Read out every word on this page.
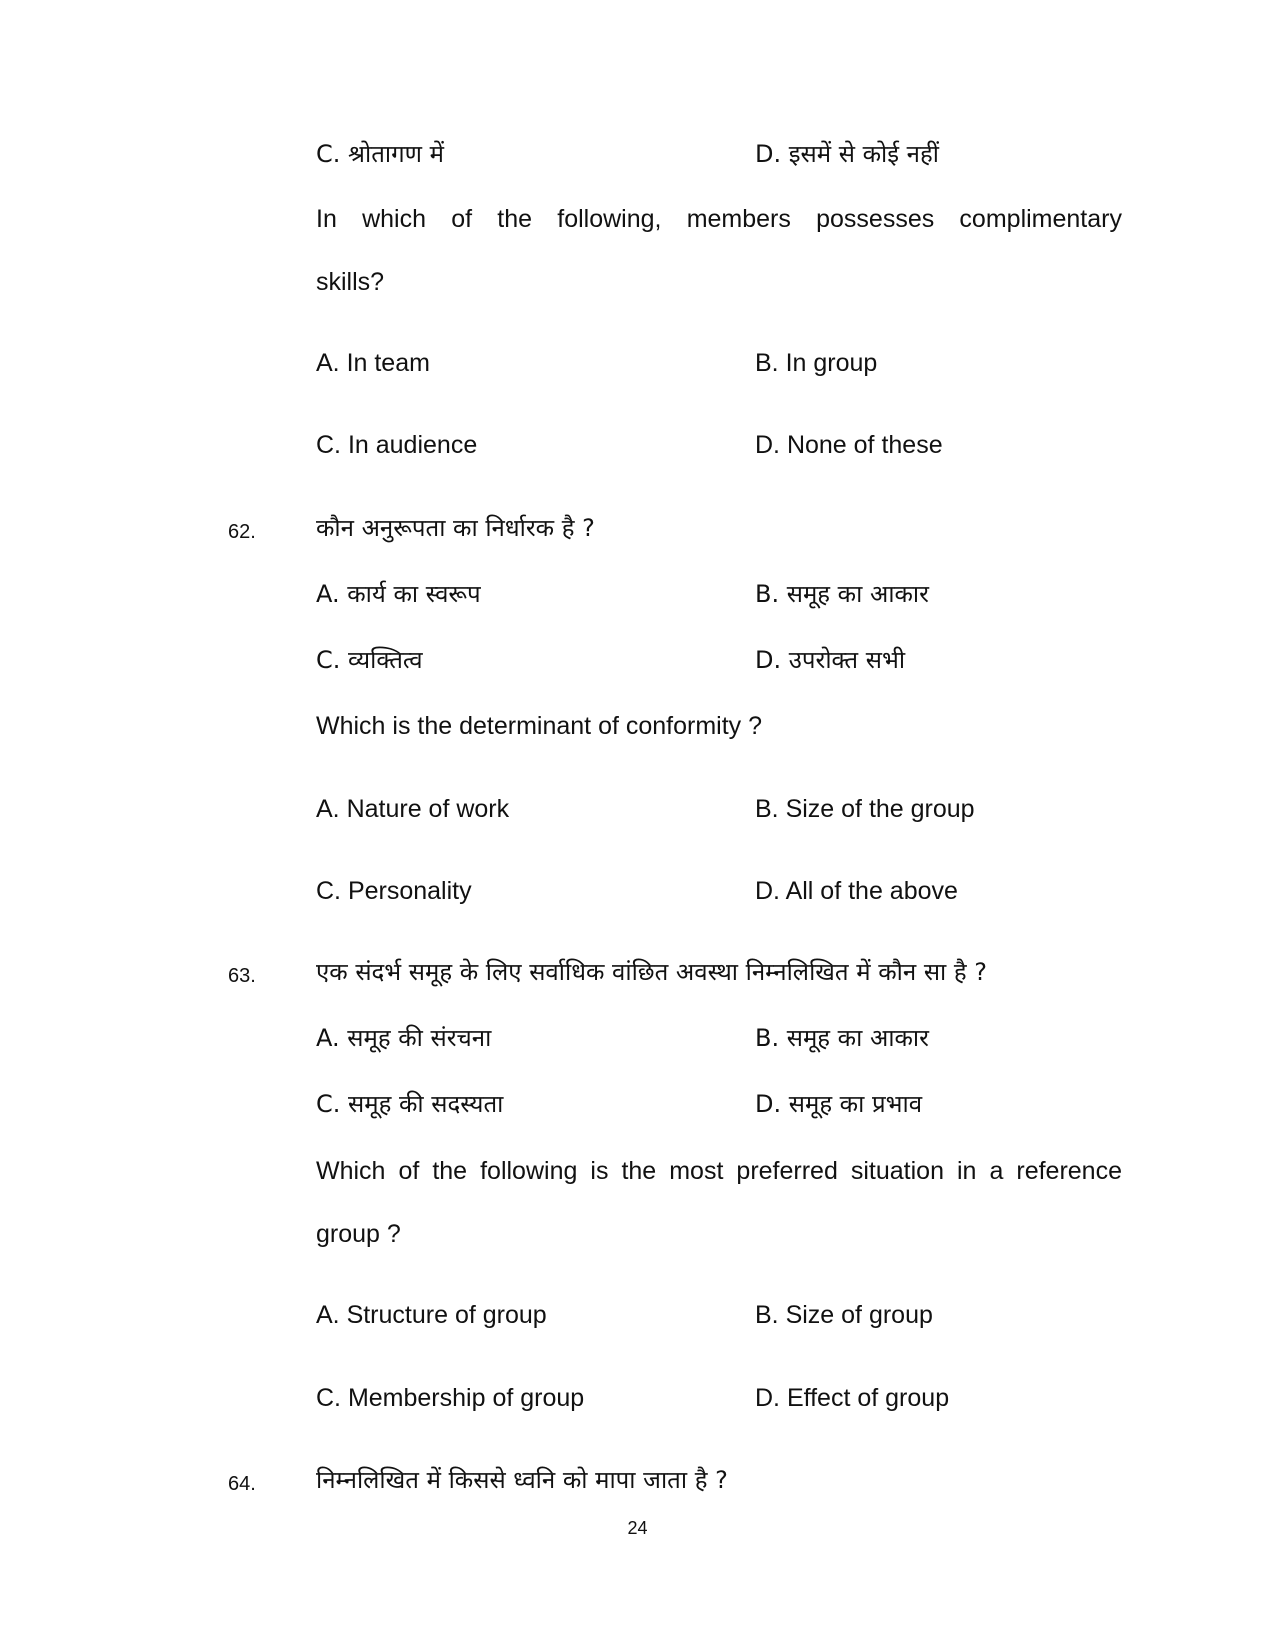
C. श्रोतागण में	D. इसमें से कोई नहीं
In which of the following, members possesses complimentary
skills?
A. In team	B. In group
C. In audience	D. None of these
62.	कौन अनुरूपता का निर्धारक है ?
A. कार्य का स्वरूप	B. समूह का आकार
C. व्यक्तित्व	D. उपरोक्त सभी
Which is the determinant of conformity ?
A. Nature of work	B. Size of the group
C. Personality	D. All of the above
63.	एक संदर्भ समूह के लिए सर्वाधिक वांछित अवस्था निम्नलिखित में कौन सा है ?
A. समूह की संरचना	B. समूह का आकार
C. समूह की सदस्यता	D. समूह का प्रभाव
Which of the following is the most preferred situation in a reference
group ?
A. Structure of group	B. Size of group
C. Membership of group	D. Effect of group
64.	निम्नलिखित में किससे ध्वनि को मापा जाता है ?
24
